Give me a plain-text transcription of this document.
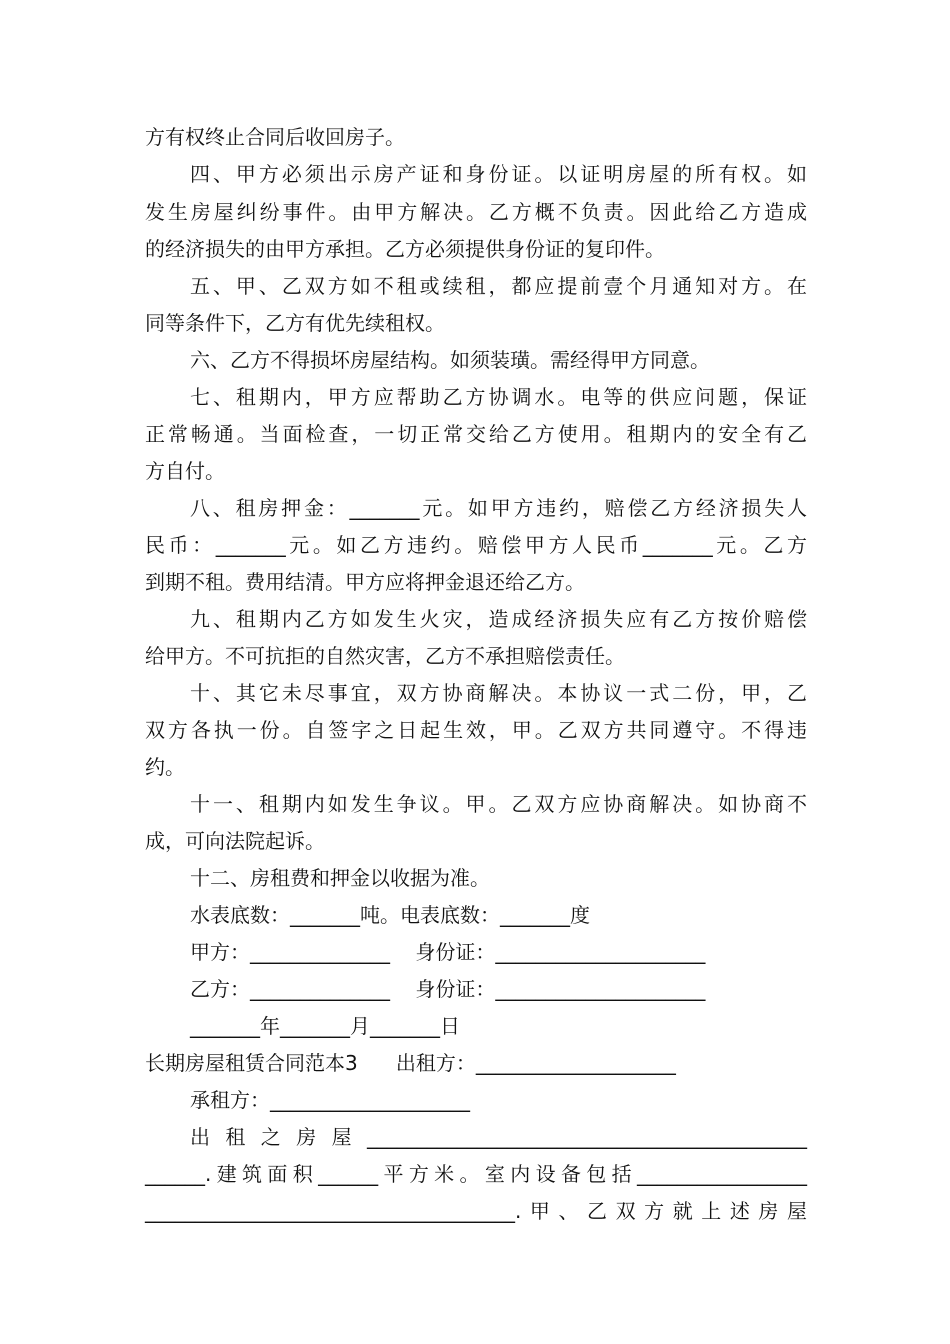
方有权终止合同后收回房子。
四、甲方必须出示房产证和身份证。以证明房屋的所有权。如
发生房屋纠纷事件。由甲方解决。乙方概不负责。因此给乙方造成
的经济损失的由甲方承担。乙方必须提供身份证的复印件。
五、甲、乙双方如不租或续租，都应提前壹个月通知对方。在
同等条件下，乙方有优先续租权。
六、乙方不得损坏房屋结构。如须装璜。需经得甲方同意。
七、租期内，甲方应帮助乙方协调水。电等的供应问题，保证
正常畅通。当面检查，一切正常交给乙方使用。租期内的安全有乙
方自付。
八、租房押金：_______元。如甲方违约，赔偿乙方经济损失人
民币：_______元。如乙方违约。赔偿甲方人民币_______元。乙方
到期不租。费用结清。甲方应将押金退还给乙方。
九、租期内乙方如发生火灾，造成经济损失应有乙方按价赔偿
给甲方。不可抗拒的自然灾害，乙方不承担赔偿责任。
十、其它未尽事宜，双方协商解决。本协议一式二份，甲，乙
双方各执一份。自签字之日起生效，甲。乙双方共同遵守。不得违
约。
十一、租期内如发生争议。甲。乙双方应协商解决。如协商不
成，可向法院起诉。
十二、房租费和押金以收据为准。
水表底数：_______吨。电表底数：_______度
甲方：______________    身份证：_____________________
乙方：______________    身份证：_____________________
_______年_______月_______日
长期房屋租赁合同范本3      出租方：____________________
承租方：____________________
出租之房屋____________________________________________
______.建筑面积______平方米。室内设备包括_________________
_____________________________________.甲、乙双方就上述房屋
